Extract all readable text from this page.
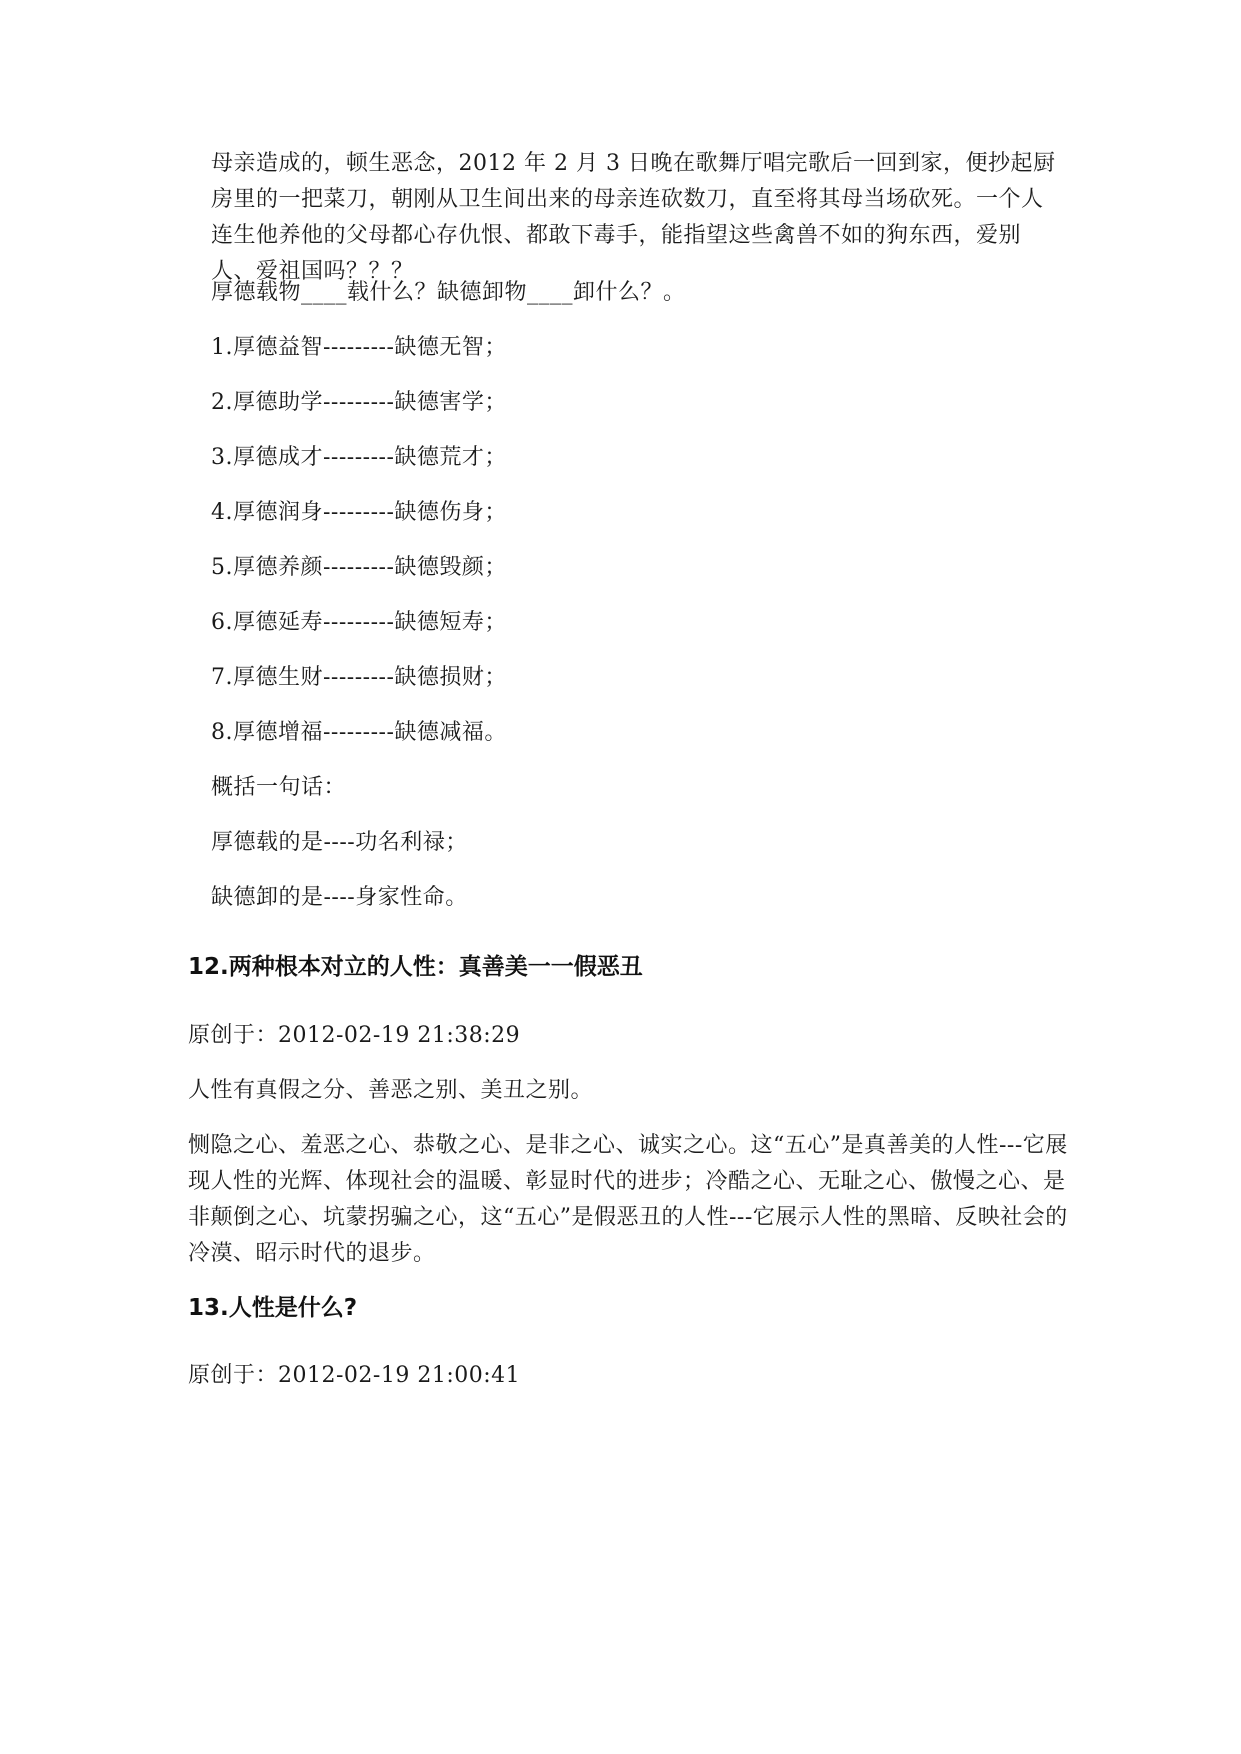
母亲造成的，顿生恶念，2012 年 2 月 3 日晚在歌舞厅唱完歌后一回到家，便抄起厨房里的一把菜刀，朝刚从卫生间出来的母亲连砍数刀，直至将其母当场砍死。一个人连生他养他的父母都心存仇恨、都敢下毒手，能指望这些禽兽不如的狗东西，爱别人、爱祖国吗？？？
厚德载物____载什么？缺德卸物____卸什么？。
1.厚德益智---------缺德无智；
2.厚德助学---------缺德害学；
3.厚德成才---------缺德荒才；
4.厚德润身---------缺德伤身；
5.厚德养颜---------缺德毁颜；
6.厚德延寿---------缺德短寿；
7.厚德生财---------缺德损财；
8.厚德增福---------缺德减福。
概括一句话：
厚德载的是----功名利禄；
缺德卸的是----身家性命。
12.两种根本对立的人性：真善美一一假恶丑
原创于：2012-02-19 21:38:29
人性有真假之分、善恶之别、美丑之别。
恻隐之心、羞恶之心、恭敬之心、是非之心、诚实之心。这“五心”是真善美的人性---它展现人性的光辉、体现社会的温暖、彰显时代的进步；冷酷之心、无耻之心、傲慢之心、是非颠倒之心、坑蒙拐骗之心，这“五心”是假恶丑的人性---它展示人性的黑暗、反映社会的冷漠、昭示时代的退步。
13.人性是什么?
原创于：2012-02-19 21:00:41
